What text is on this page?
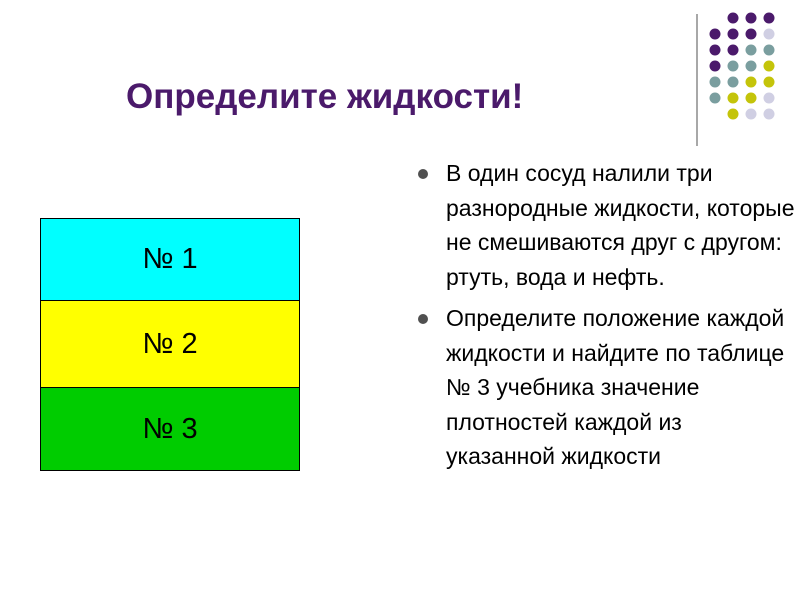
Определите жидкости!
№ 1
№ 2
№ 3
В один сосуд налили три разнородные жидкости, которые не смешиваются друг с другом: ртуть, вода и нефть.
Определите положение каждой жидкости и найдите по таблице № 3 учебника значение плотностей каждой из указанной жидкости
